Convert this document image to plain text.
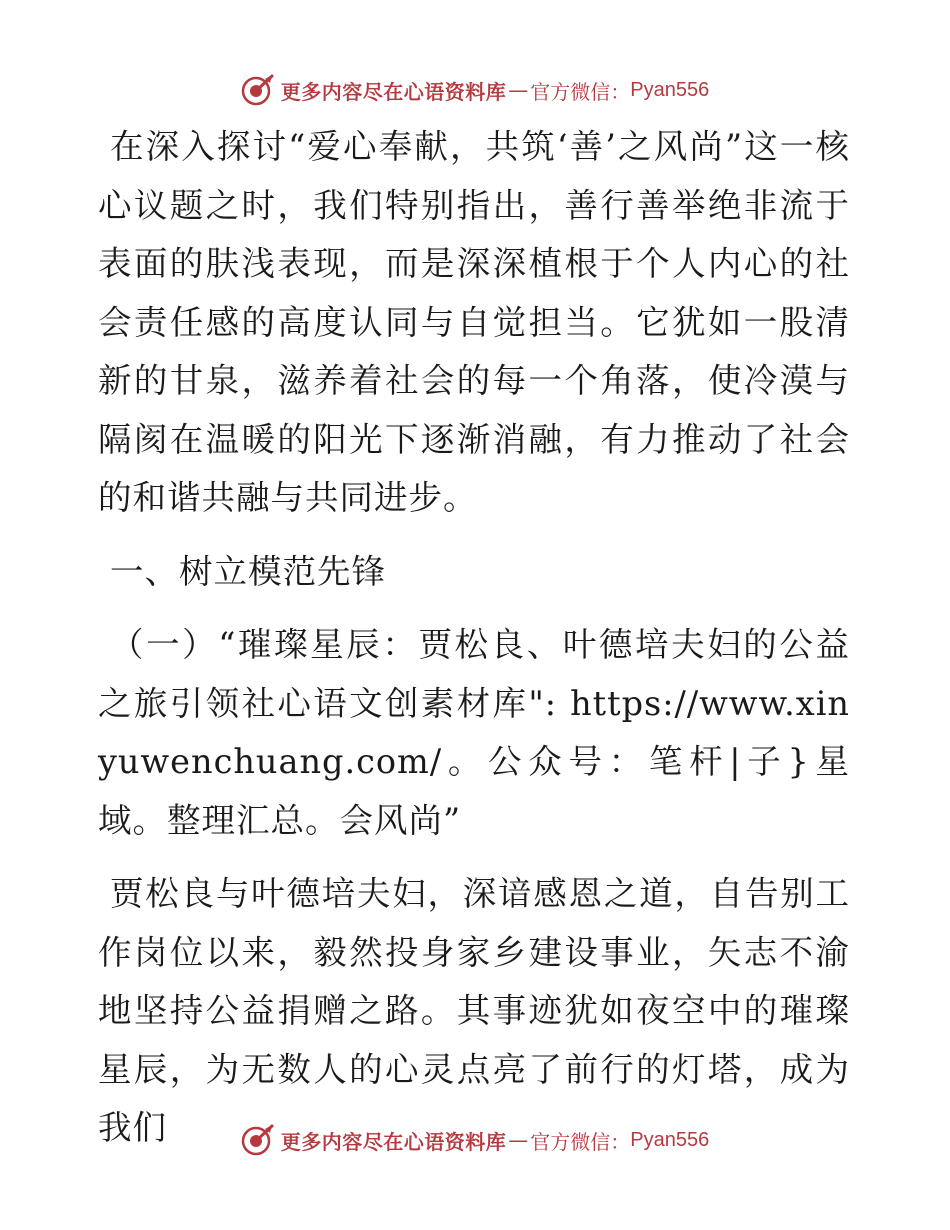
更多内容尽在心语资料库 — 官方微信： Pyan556

在深入探讨“爱心奉献，共筑‘善’之风尚”这一核心议题之时，我们特别指出，善行善举绝非流于表面的肤浅表现，而是深深植根于个人内心的社会责任感的高度认同与自觉担当。它犹如一股清新的甘泉，滋养着社会的每一个角落，使冷漠与隔阂在温暖的阳光下逐渐消融，有力推动了社会的和谐共融与共同进步。

一、树立模范先锋

（一）“璀璨星辰：贾松良、叶德培夫妇的公益之旅引领社心语文创素材库": https://www.xinyuwenchuang.com/。公众号：笔杆|子}星域。整理汇总。会风尚”

贾松良与叶德培夫妇，深谙感恩之道，自告别工作岗位以来，毅然投身家乡建设事业，矢志不渝地坚持公益捐赠之路。其事迹犹如夜空中的璀璨星辰，为无数人的心灵点亮了前行的灯塔，成为我们	更多内容尽在心语资料库 — 官方微信： Pyan556
